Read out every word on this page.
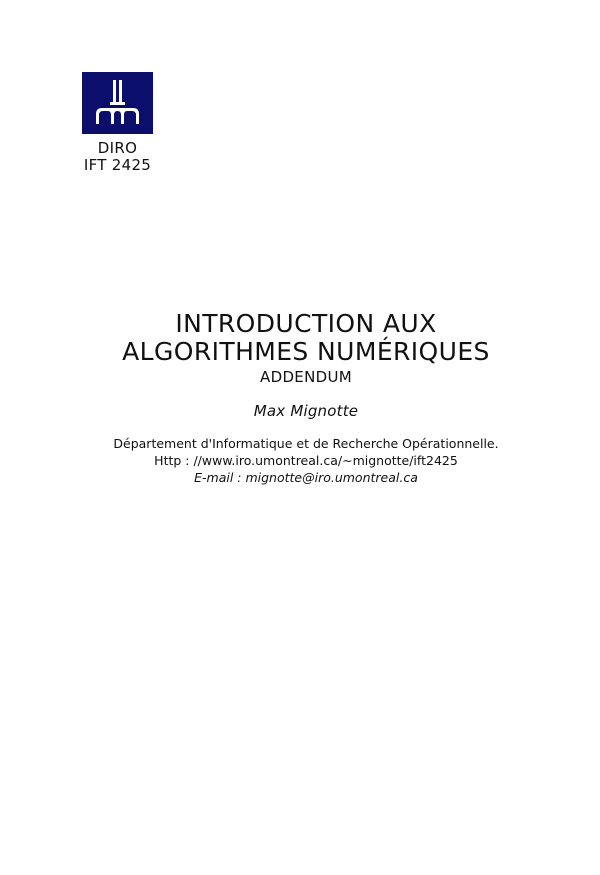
DIRO
IFT 2425
INTRODUCTION AUX
ALGORITHMES NUMÉRIQUES
ADDENDUM
Max Mignotte
Département d'Informatique et de Recherche Opérationnelle.
Http : //www.iro.umontreal.ca/∼mignotte/ift2425
E-mail : mignotte@iro.umontreal.ca
